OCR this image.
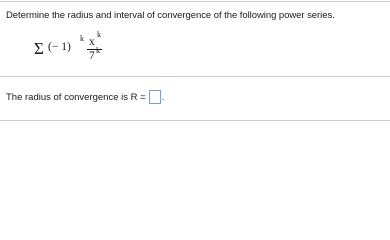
Determine the radius and interval of convergence of the following power series.
Σ (− 1)
k x
k
7 k
The radius of convergence is R = .
